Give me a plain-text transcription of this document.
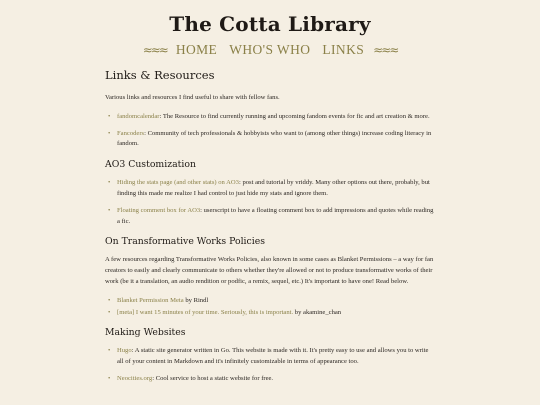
The Cotta Library
≈≈≈ HOME WHO'S WHO LINKS ≈≈≈
Links & Resources

Various links and resources I find useful to share with fellow fans.

• fandomcalendar: The Resource to find currently running and upcoming fandom events for fic and art creation & more.
• Fancoders: Community of tech professionals & hobbyists who want to (among other things) increase coding literacy in fandom.
AO3 Customization
• Hiding the stats page (and other stats) on AO3: post and tutorial by vriddy. Many other options out there, probably, but finding this made me realize I had control to just hide my stats and ignore them.
• Floating comment box for AO3: userscript to have a floating comment box to add impressions and quotes while reading a fic.
On Transformative Works Policies

A few resources regarding Transformative Works Policies, also known in some cases as Blanket Permissions – a way for fan creators to easily and clearly communicate to others whether they're allowed or not to produce transformative works of their work (be it a translation, an audio rendition or podfic, a remix, sequel, etc.) It's important to have one! Read below.

• Blanket Permission Meta by Rindl
• [meta] I want 15 minutes of your time. Seriously, this is important. by akamine_chan
Making Websites
• Hugo: A static site generator written in Go. This website is made with it. It's pretty easy to use and allows you to write all of your content in Markdown and it's infinitely customizable in terms of appearance too.
• Neocities.org: Cool service to host a static website for free.
